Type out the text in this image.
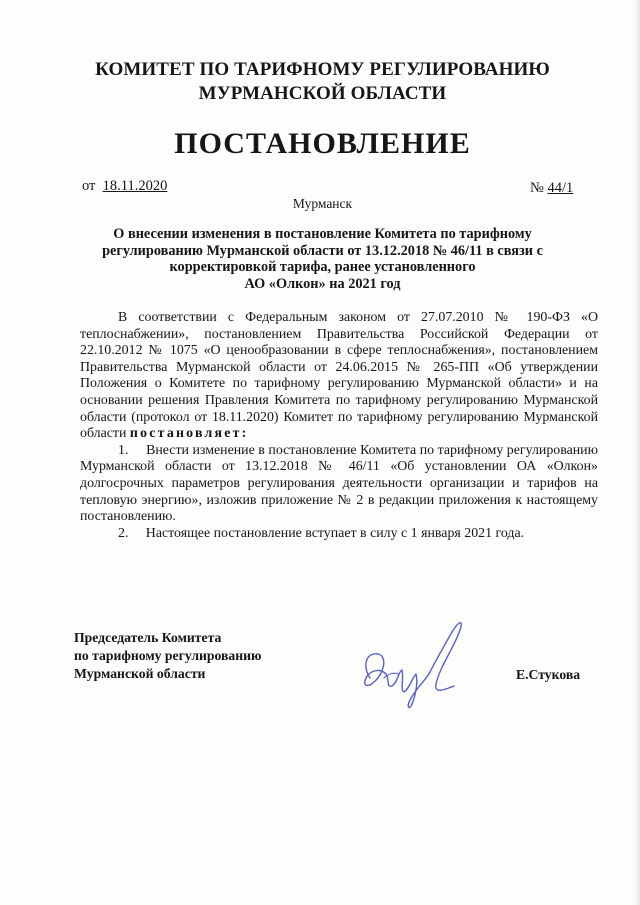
КОМИТЕТ ПО ТАРИФНОМУ РЕГУЛИРОВАНИЮ
МУРМАНСКОЙ ОБЛАСТИ
ПОСТАНОВЛЕНИЕ
от 18.11.2020	№ 44/1
Мурманск
О внесении изменения в постановление Комитета по тарифному
регулированию Мурманской области от 13.12.2018 № 46/11 в связи с
корректировкой тарифа, ранее установленного
АО «Олкон» на 2021 год

В соответствии с Федеральным законом от 27.07.2010 № 190-ФЗ «О теплоснабжении», постановлением Правительства Российской Федерации от 22.10.2012 № 1075 «О ценообразовании в сфере теплоснабжения», постановлением Правительства Мурманской области от 24.06.2015 № 265-ПП «Об утверждении Положения о Комитете по тарифному регулированию Мурманской области» и на основании решения Правления Комитета по тарифному регулированию Мурманской области (протокол от 18.11.2020) Комитет по тарифному регулированию Мурманской области постановляет:

1. Внести изменение в постановление Комитета по тарифному регулированию Мурманской области от 13.12.2018 № 46/11 «Об установлении ОА «Олкон» долгосрочных параметров регулирования деятельности организации и тарифов на тепловую энергию», изложив приложение № 2 в редакции приложения к настоящему постановлению.

2. Настоящее постановление вступает в силу с 1 января 2021 года.

Председатель Комитета
по тарифному регулированию
Мурманской области	Е.Стукова
